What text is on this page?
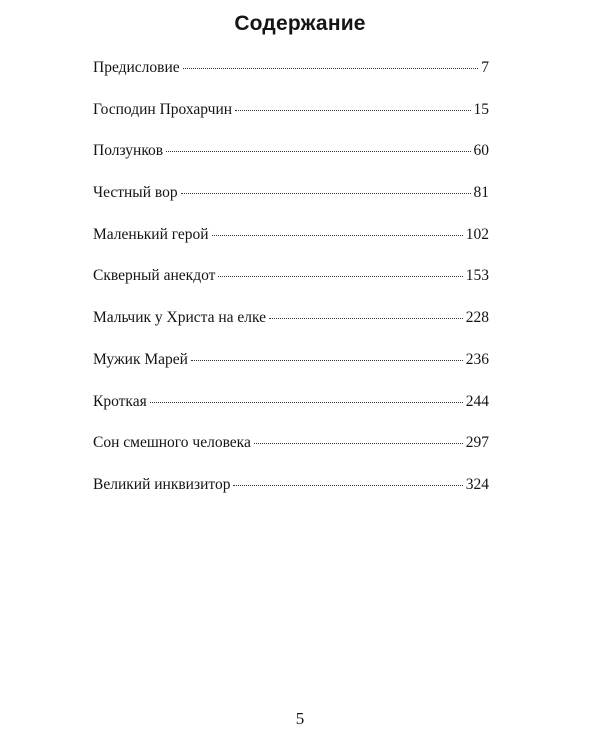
Содержание
Предисловие	7
Господин Прохарчин	15
Ползунков	60
Честный вор	81
Маленький герой	102
Скверный анекдот	153
Мальчик у Христа на елке	228
Мужик Марей	236
Кроткая	244
Сон смешного человека	297
Великий инквизитор	324
5
